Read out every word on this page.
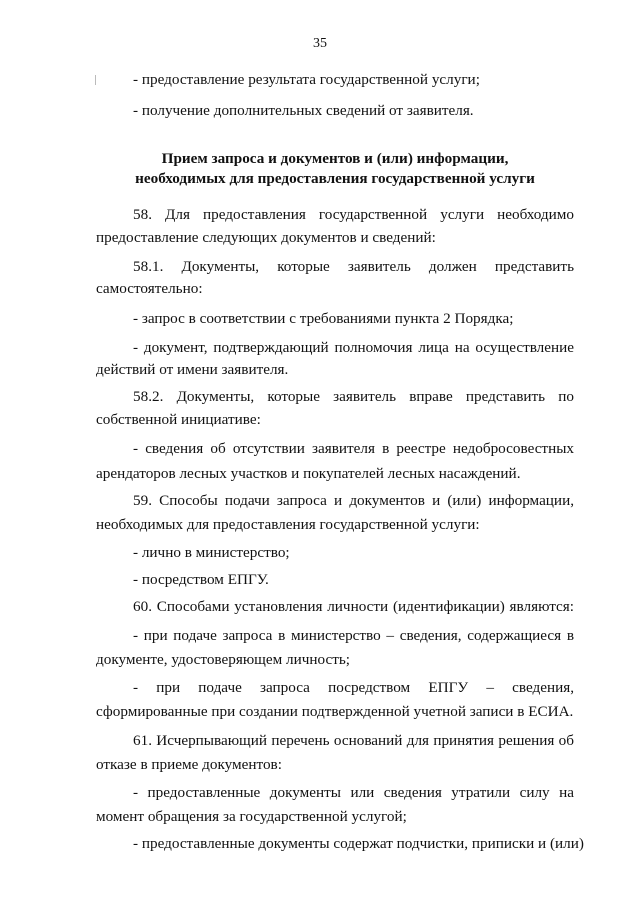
35
- предоставление результата государственной услуги;
- получение дополнительных сведений от заявителя.
Прием запроса и документов и (или) информации,
необходимых для предоставления государственной услуги
58. Для предоставления государственной услуги необходимо
предоставление следующих документов и сведений:
58.1. Документы, которые заявитель должен представить
самостоятельно:
- запрос в соответствии с требованиями пункта 2 Порядка;
- документ, подтверждающий полномочия лица на осуществление
действий от имени заявителя.
58.2. Документы, которые заявитель вправе представить по
собственной инициативе:
- сведения об отсутствии заявителя в реестре недобросовестных
арендаторов лесных участков и покупателей лесных насаждений.
59. Способы подачи запроса и документов и (или) информации,
необходимых для предоставления государственной услуги:
- лично в министерство;
- посредством ЕПГУ.
60. Способами установления личности (идентификации) являются:
- при подаче запроса в министерство – сведения, содержащиеся в
документе, удостоверяющем личность;
- при подаче запроса посредством ЕПГУ – сведения,
сформированные при создании подтвержденной учетной записи в ЕСИА.
61. Исчерпывающий перечень оснований для принятия решения об
отказе в приеме документов:
- предоставленные документы или сведения утратили силу на
момент обращения за государственной услугой;
- предоставленные документы содержат подчистки, приписки и (или)
